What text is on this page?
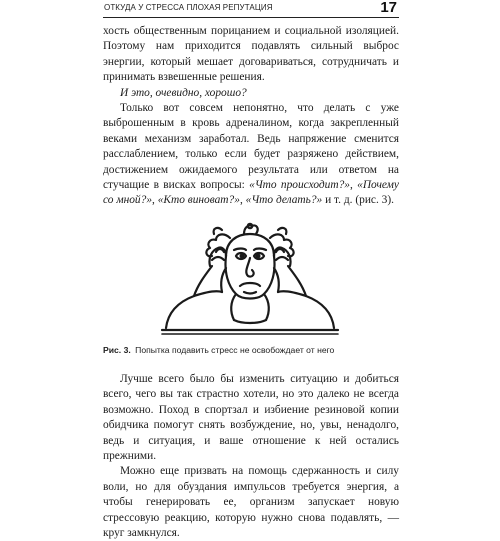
ОТКУДА У СТРЕССА ПЛОХАЯ РЕПУТАЦИЯ	17

хость общественным порицанием и социальной изоляцией. Поэтому нам приходится подавлять сильный выброс энергии, который мешает договариваться, сотрудничать и принимать взвешенные решения.

И это, очевидно, хорошо?

Только вот совсем непонятно, что делать с уже выброшенным в кровь адреналином, когда закрепленный веками механизм заработал. Ведь напряжение сменится расслаблением, только если будет разряжено действием, достижением ожидаемого результата или ответом на стучащие в висках вопросы: «Что происходит?», «Почему со мной?», «Кто виноват?», «Что делать?» и т. д. (рис. 3).

Рис. 3. Попытка подавить стресс не освобождает от него

Лучше всего было бы изменить ситуацию и добиться всего, чего вы так страстно хотели, но это далеко не всегда возможно. Поход в спортзал и избиение резиновой копии обидчика помогут снять возбуждение, но, увы, ненадолго, ведь и ситуация, и ваше отношение к ней остались прежними.

Можно еще призвать на помощь сдержанность и силу воли, но для обуздания импульсов требуется энергия, а чтобы генерировать ее, организм запускает новую стрессовую реакцию, которую нужно снова подавлять, — круг замкнулся.
